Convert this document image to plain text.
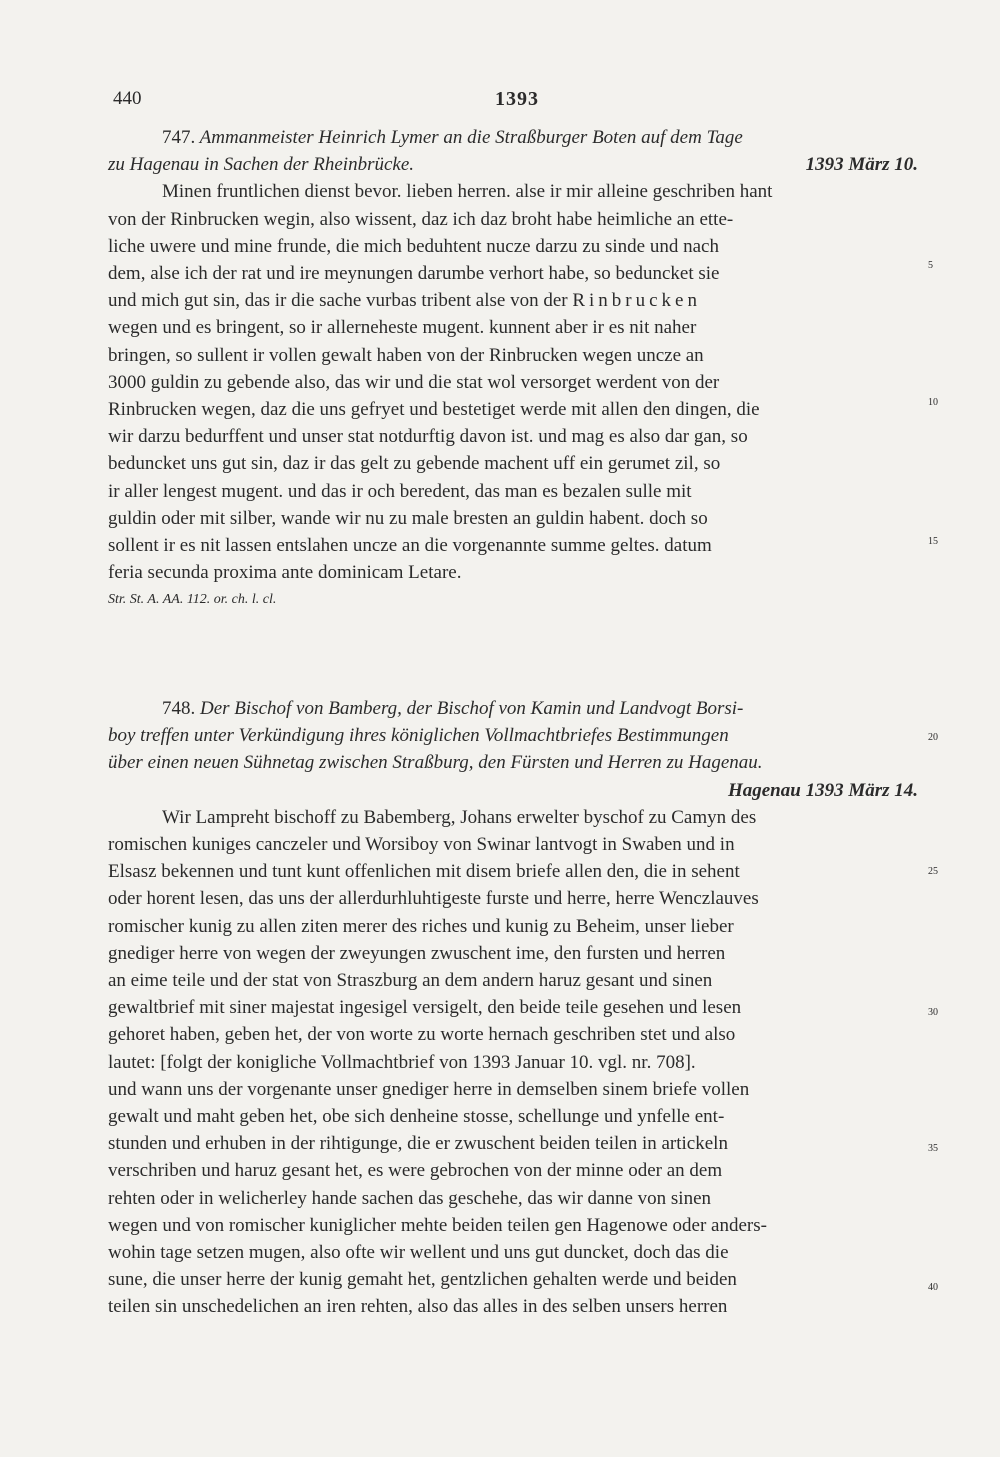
440	1393

747. Ammanmeister Heinrich Lymer an die Straßburger Boten auf dem Tage

zu Hagenau in Sachen der Rheinbrücke.	1393 März 10.

Minen fruntlichen dienst bevor. lieben herren. alse ir mir alleine geschriben hant

von der Rinbrucken wegin, also wissent, daz ich daz broht habe heimliche an ette-

liche uwere und mine frunde, die mich beduhtent nucze darzu zu sinde und nach

dem, alse ich der rat und ire meynungen darumbe verhort habe, so beduncket sie

und mich gut sin, das ir die sache vurbas tribent alse von der Rinbrucken

wegen und es bringent, so ir allerneheste mugent. kunnent aber ir es nit naher

bringen, so sullent ir vollen gewalt haben von der Rinbrucken wegen uncze an

3000 guldin zu gebende also, das wir und die stat wol versorget werdent von der

Rinbrucken wegen, daz die uns gefryet und bestetiget werde mit allen den dingen, die

wir darzu bedurffent und unser stat notdurftig davon ist. und mag es also dar gan, so

beduncket uns gut sin, daz ir das gelt zu gebende machent uff ein gerumet zil, so

ir aller lengest mugent. und das ir och beredent, das man es bezalen sulle mit

guldin oder mit silber, wande wir nu zu male bresten an guldin habent. doch so

sollent ir es nit lassen entslahen uncze an die vorgenannte summe geltes. datum

feria secunda proxima ante dominicam Letare.

Str. St. A. AA. 112. or. ch. l. cl.

748. Der Bischof von Bamberg, der Bischof von Kamin und Landvogt Borsi-

boy treffen unter Verkündigung ihres königlichen Vollmachtbriefes Bestimmungen

über einen neuen Sühnetag zwischen Straßburg, den Fürsten und Herren zu Hagenau.

Hagenau 1393 März 14.

Wir Lampreht bischoff zu Babemberg, Johans erwelter byschof zu Camyn des

romischen kuniges canczeler und Worsiboy von Swinar lantvogt in Swaben und in

Elsasz bekennen und tunt kunt offenlichen mit disem briefe allen den, die in sehent

oder horent lesen, das uns der allerdurhluhtigeste furste und herre, herre Wenczlauves

romischer kunig zu allen ziten merer des riches und kunig zu Beheim, unser lieber

gnediger herre von wegen der zweyungen zwuschent ime, den fursten und herren

an eime teile und der stat von Straszburg an dem andern haruz gesant und sinen

gewaltbrief mit siner majestat ingesigel versigelt, den beide teile gesehen und lesen

gehoret haben, geben het, der von worte zu worte hernach geschriben stet und also

lautet: [folgt der konigliche Vollmachtbrief von 1393 Januar 10. vgl. nr. 708].

und wann uns der vorgenante unser gnediger herre in demselben sinem briefe vollen

gewalt und maht geben het, obe sich denheine stosse, schellunge und ynfelle ent-

stunden und erhuben in der rihtigunge, die er zwuschent beiden teilen in artickeln

verschriben und haruz gesant het, es were gebrochen von der minne oder an dem

rehten oder in welicherley hande sachen das geschehe, das wir danne von sinen

wegen und von romischer kuniglicher mehte beiden teilen gen Hagenowe oder anders-

wohin tage setzen mugen, also ofte wir wellent und uns gut duncket, doch das die

sune, die unser herre der kunig gemaht het, gentzlichen gehalten werde und beiden

teilen sin unschedelichen an iren rehten, also das alles in des selben unsers herren

5
10
15
20
25
30
35
40
